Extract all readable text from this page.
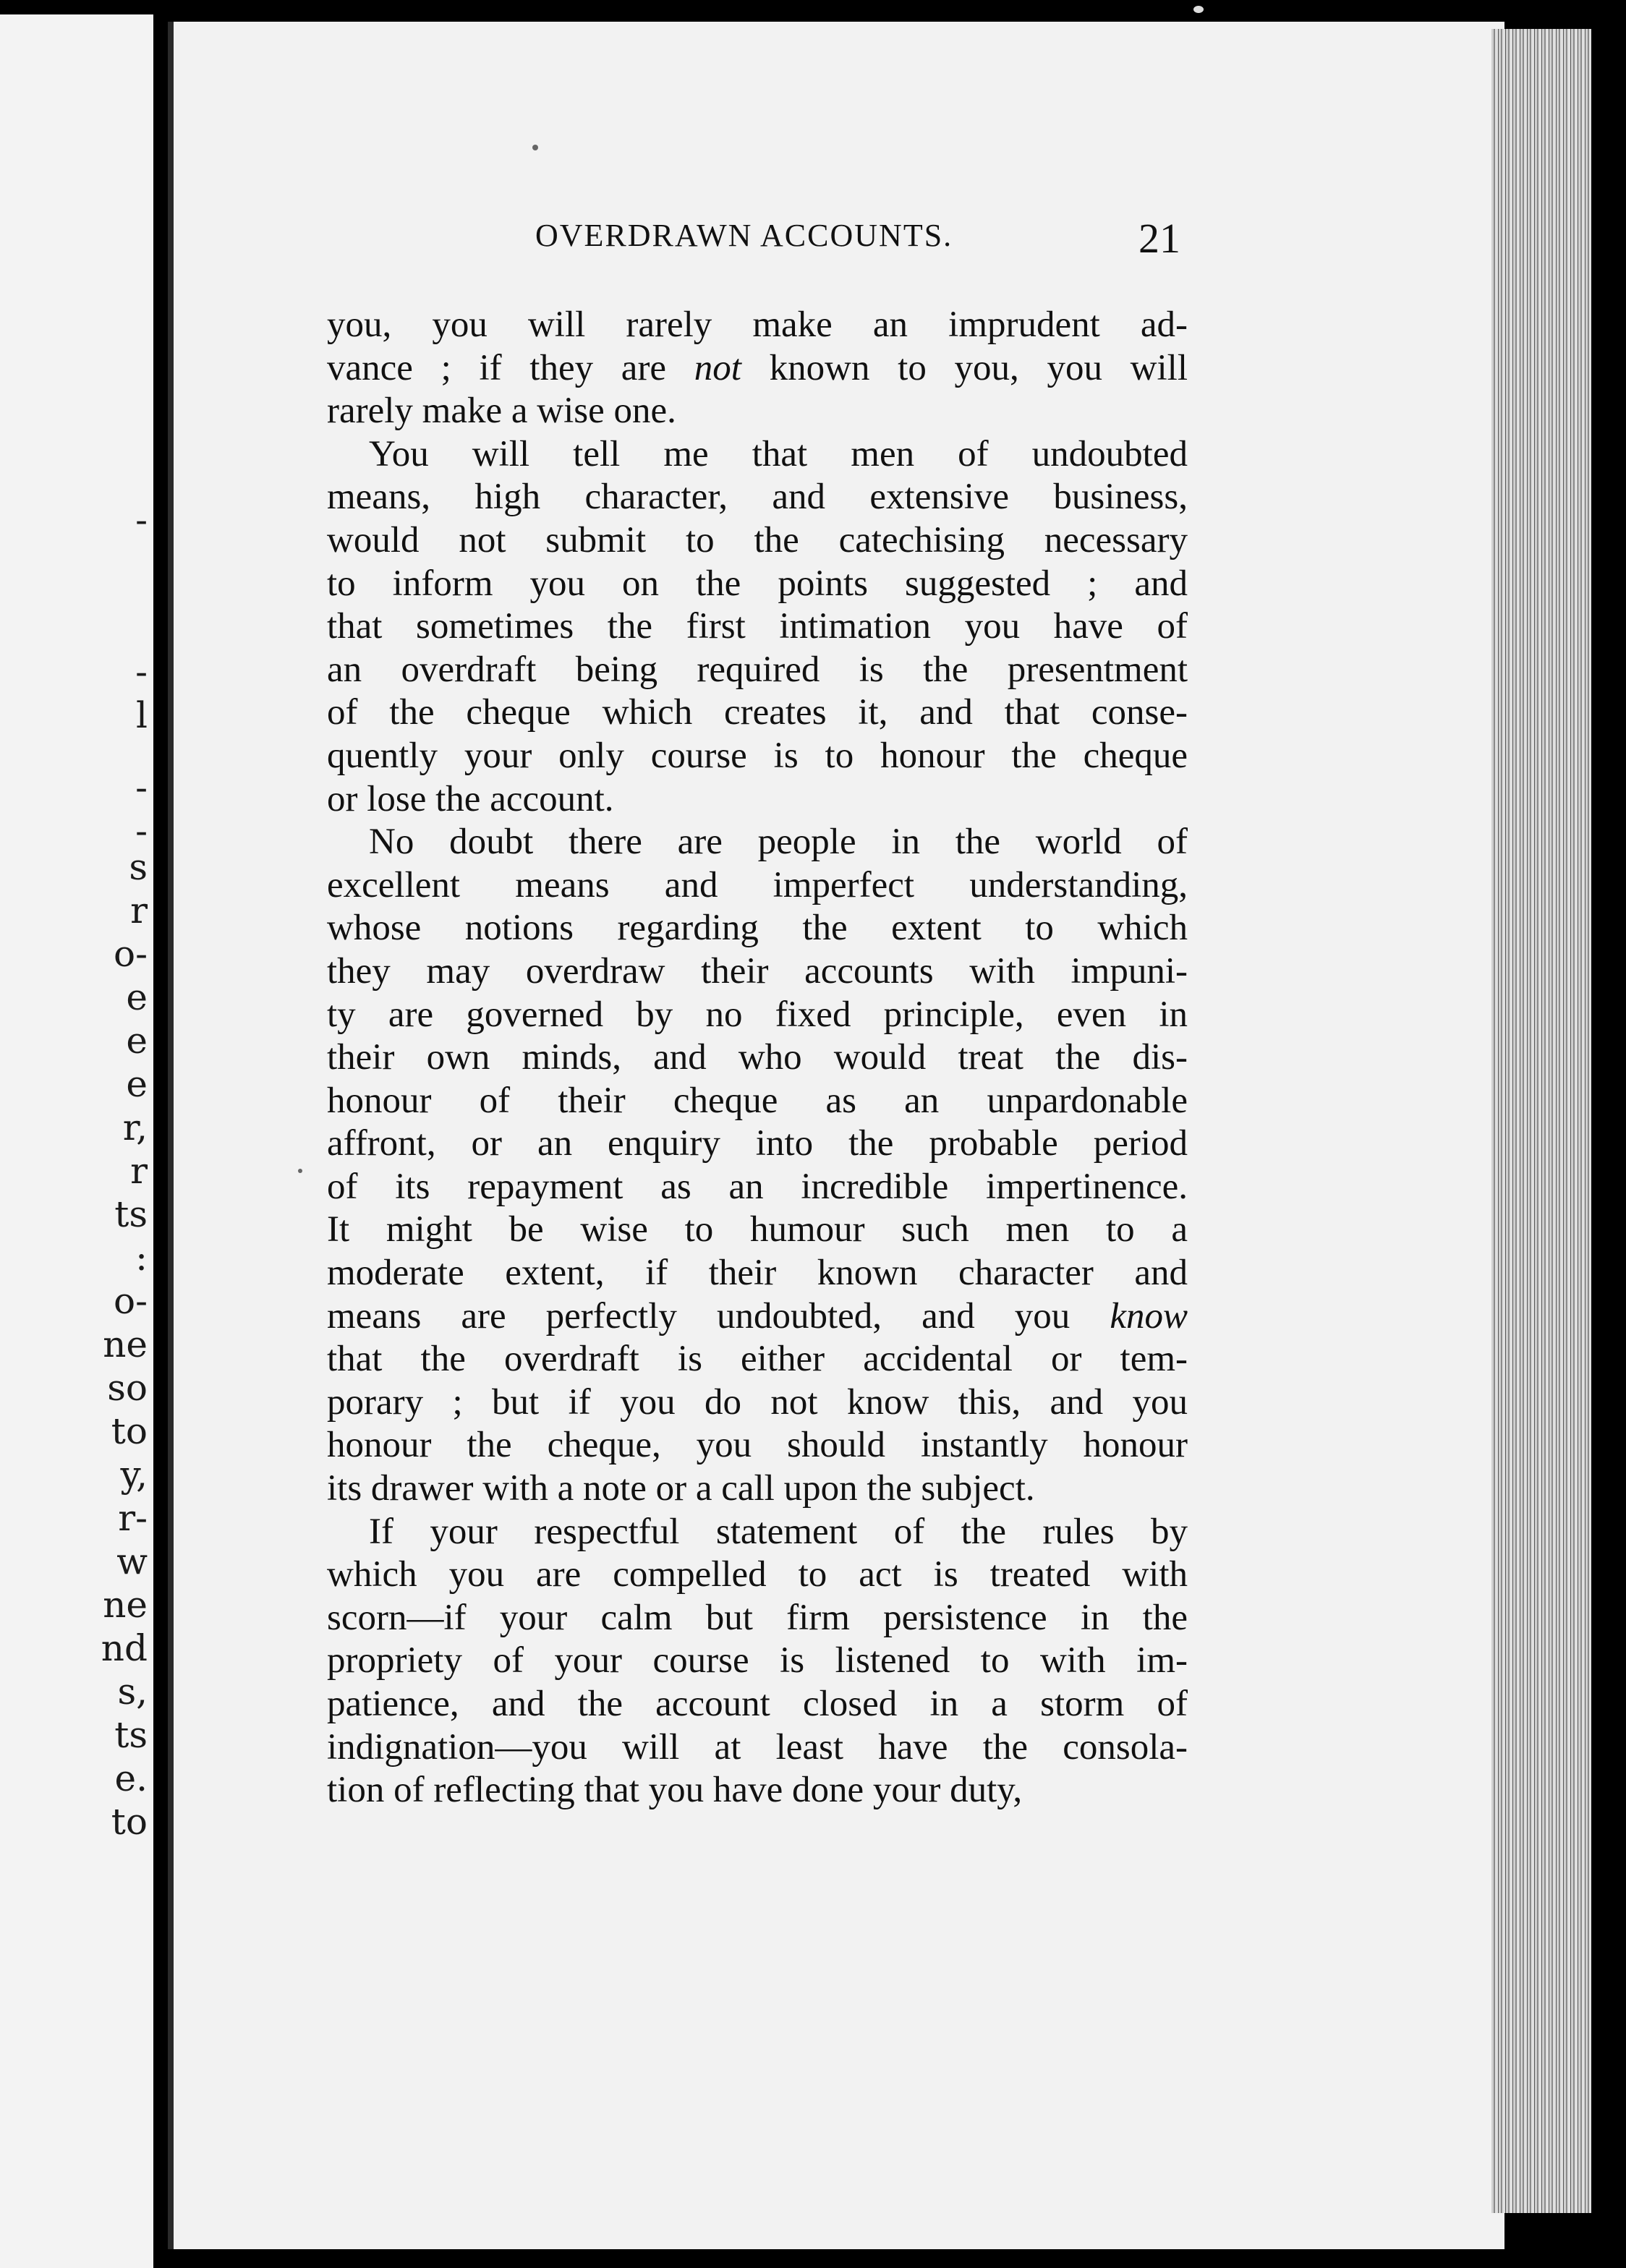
-
-
l
-
-
s
r
o-
e
e
e
r,
r
ts
:
o-
ne
so
to
y,
r-
w
ne
nd
s,
ts
e.
to
OVERDRAWN ACCOUNTS.	21
you, you will rarely make an imprudent ad-
vance ; if they are not known to you, you will
rarely make a wise one.
You will tell me that men of undoubted
means, high character, and extensive business,
would not submit to the catechising necessary
to inform you on the points suggested ; and
that sometimes the first intimation you have of
an overdraft being required is the presentment
of the cheque which creates it, and that conse-
quently your only course is to honour the cheque
or lose the account.
No doubt there are people in the world of
excellent means and imperfect understanding,
whose notions regarding the extent to which
they may overdraw their accounts with impuni-
ty are governed by no fixed principle, even in
their own minds, and who would treat the dis-
honour of their cheque as an unpardonable
affront, or an enquiry into the probable period
of its repayment as an incredible impertinence.
It might be wise to humour such men to a
moderate extent, if their known character and
means are perfectly undoubted, and you know
that the overdraft is either accidental or tem-
porary ; but if you do not know this, and you
honour the cheque, you should instantly honour
its drawer with a note or a call upon the subject.
If your respectful statement of the rules by
which you are compelled to act is treated with
scorn—if your calm but firm persistence in the
propriety of your course is listened to with im-
patience, and the account closed in a storm of
indignation—you will at least have the consola-
tion of reflecting that you have done your duty,
